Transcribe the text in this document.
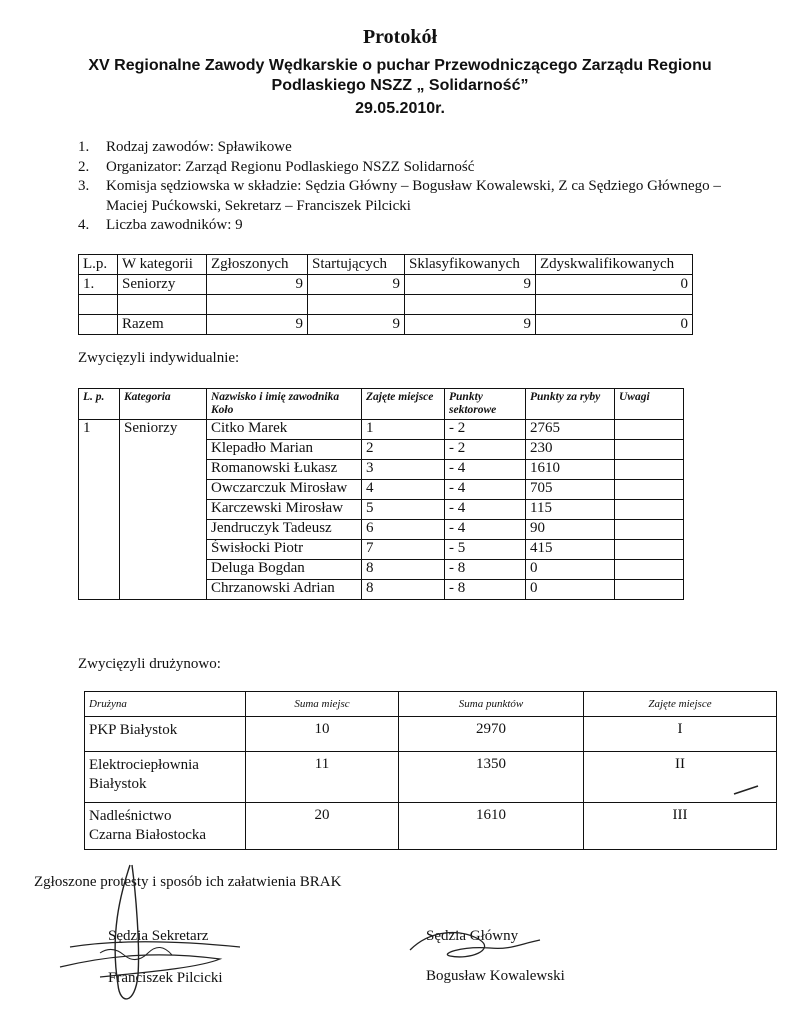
Protokół
XV Regionalne Zawody Wędkarskie o puchar Przewodniczącego Zarządu Regionu
Podlaskiego NSZZ „ Solidarność”
29.05.2010r.
1. Rodzaj zawodów: Spławikowe
2. Organizator: Zarząd Regionu Podlaskiego NSZZ Solidarność
3. Komisja sędziowska w składzie: Sędzia Główny – Bogusław Kowalewski, Z ca Sędziego Głównego – Maciej Pućkowski, Sekretarz – Franciszek Pilcicki
4. Liczba zawodników: 9
L.p.	W kategorii	Zgłoszonych	Startujących	Sklasyfikowanych	Zdyskwalifikowanych
1.	Seniorzy	9	9	9	0

	Razem	9	9	9	0
Zwycięzyli indywidualnie:
L. p.	Kategoria	Nazwisko i imię zawodnika Koło	Zajęte miejsce	Punkty sektorowe	Punkty za ryby	Uwagi
1	Seniorzy	Citko Marek	1	- 2	2765	
		Klepadło Marian	2	- 2	230	
		Romanowski Łukasz	3	- 4	1610	
		Owczarczuk Mirosław	4	- 4	705	
		Karczewski Mirosław	5	- 4	115	
		Jendruczyk Tadeusz	6	- 4	90	
		Świsłocki Piotr	7	- 5	415	
		Deluga Bogdan	8	- 8	0	
		Chrzanowski Adrian	8	- 8	0	
Zwycięzyli drużynowo:
Drużyna	Suma miejsc	Suma punktów	Zajęte miejsce

PKP Białystok	10	2970	I

Elektrociepłownia
Białystok	11	1350	II

Nadleśnictwo
Czarna Białostocka	20	1610	III
Zgłoszone protesty i sposób ich załatwienia BRAK
Sędzia Sekretarz
Franciszek Pilcicki
Sędzia Główny
Bogusław Kowalewski
